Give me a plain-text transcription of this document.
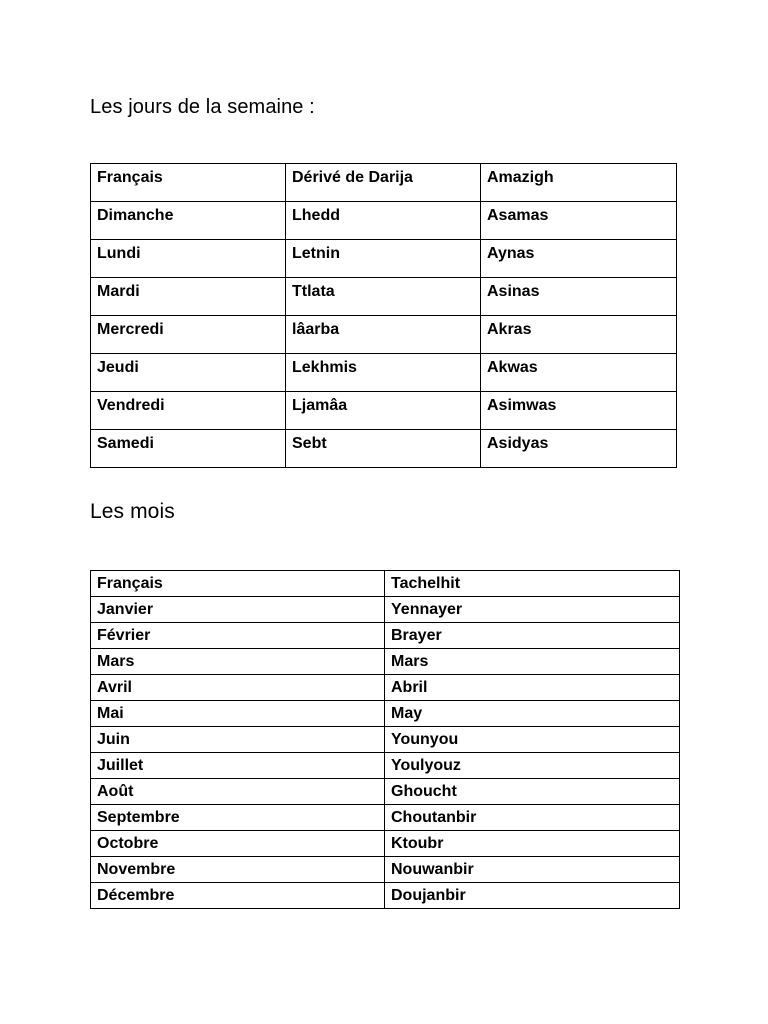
Les jours de la semaine :
Français	Dérivé de Darija	Amazigh
Dimanche	Lhedd	Asamas
Lundi	Letnin	Aynas
Mardi	Ttlata	Asinas
Mercredi	lâarba	Akras
Jeudi	Lekhmis	Akwas
Vendredi	Ljamâa	Asimwas
Samedi	Sebt	Asidyas
Les mois
Français	Tachelhit
Janvier	Yennayer
Février	Brayer
Mars	Mars
Avril	Abril
Mai	May
Juin	Younyou
Juillet	Youlyouz
Août	Ghoucht
Septembre	Choutanbir
Octobre	Ktoubr
Novembre	Nouwanbir
Décembre	Doujanbir
